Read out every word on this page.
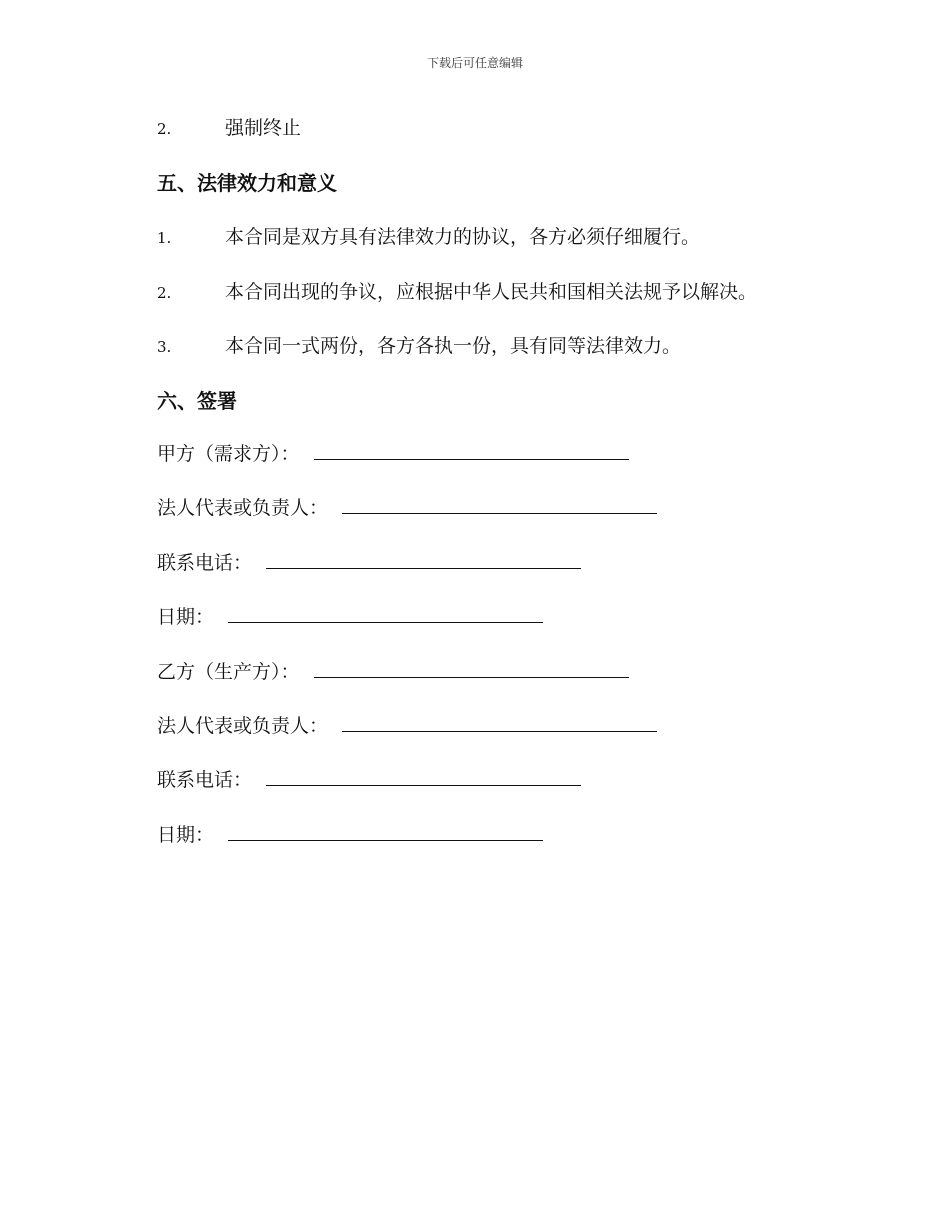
下载后可任意编辑
2.	强制终止
五、法律效力和意义
1.	本合同是双方具有法律效力的协议，各方必须仔细履行。
2.	本合同出现的争议，应根据中华人民共和国相关法规予以解决。
3.	本合同一式两份，各方各执一份，具有同等法律效力。
六、签署
甲方（需求方）：
法人代表或负责人：
联系电话：
日期：
乙方（生产方）：
法人代表或负责人：
联系电话：
日期：
